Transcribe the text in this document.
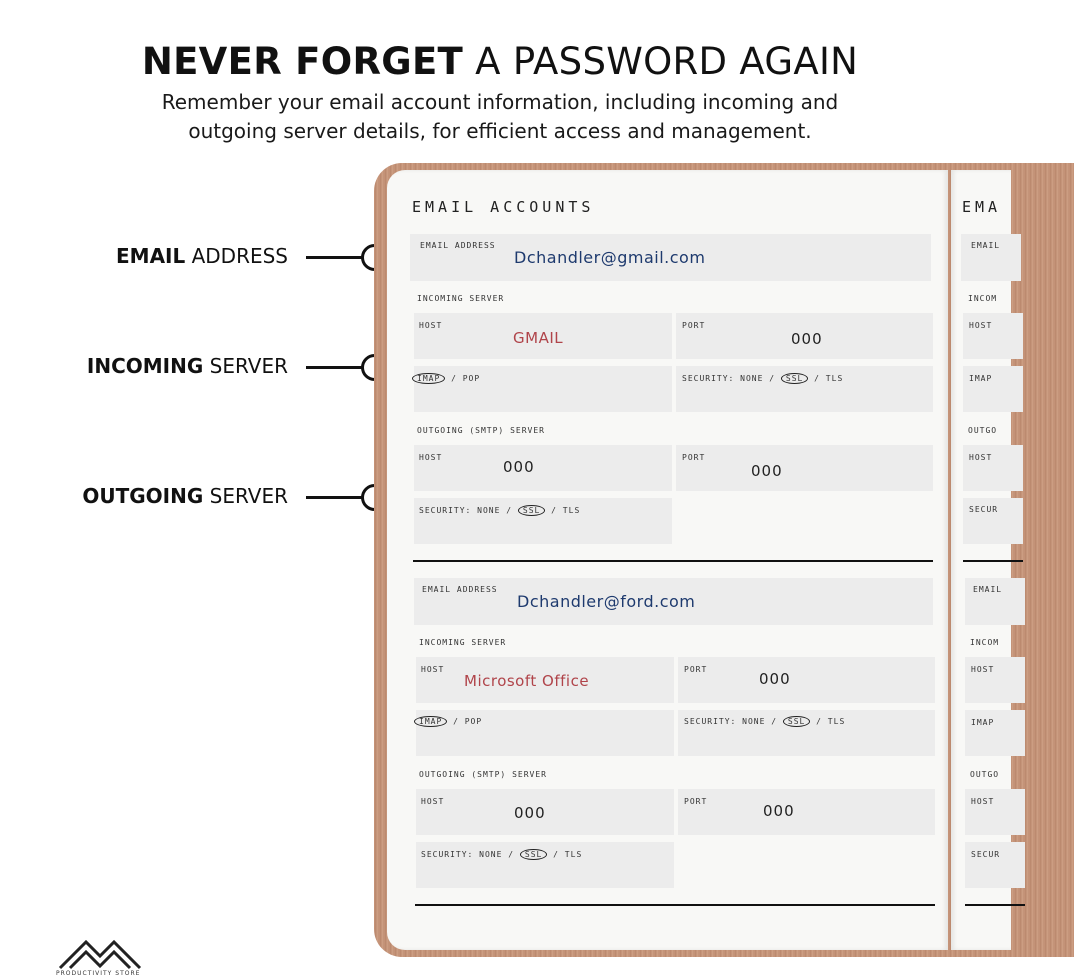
NEVER FORGET A PASSWORD AGAIN
Remember your email account information, including incoming and
outgoing server details, for efficient access and management.
EMAIL ADDRESS
INCOMING SERVER
OUTGOING SERVER
EMAIL ACCOUNTS
EMAIL ADDRESS
Dchandler@gmail.com
INCOMING SERVER
HOST
GMAIL
PORT
000
IMAP / POP	SECURITY: NONE / SSL / TLS
OUTGOING (SMTP) SERVER
HOST
000
PORT
000
SECURITY: NONE / SSL / TLS
EMAIL ADDRESS
Dchandler@ford.com
INCOMING SERVER
HOST
Microsoft Office
PORT
000
IMAP / POP	SECURITY: NONE / SSL / TLS
OUTGOING (SMTP) SERVER
HOST
000
PORT
000
SECURITY: NONE / SSL / TLS
EMA
EMAIL
INCOM
HOST
IMAP
OUTGO
HOST
SECUR
EMAIL
INCOM
HOST
IMAP
OUTGO
HOST
SECUR
PRODUCTIVITY STORE
